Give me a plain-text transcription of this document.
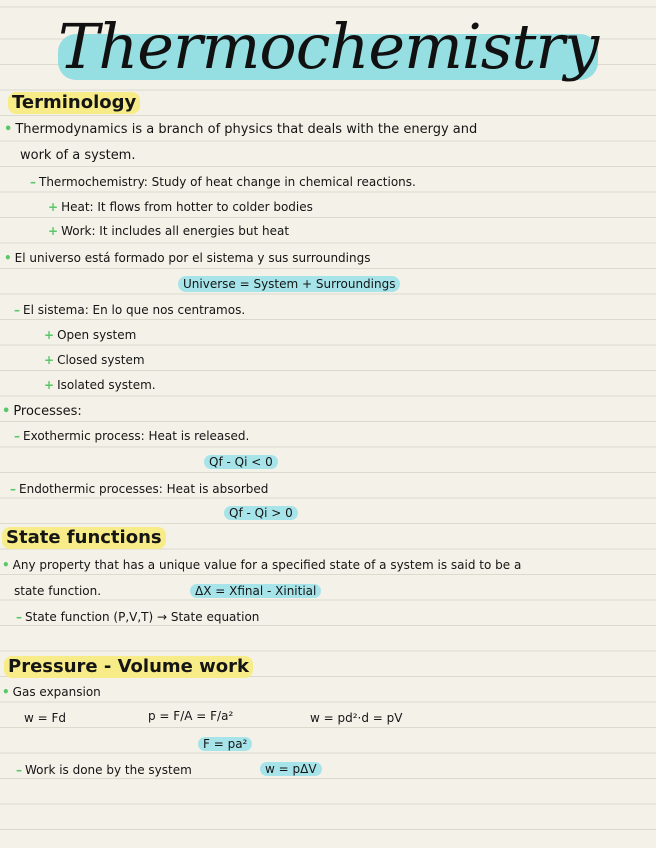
Thermochemistry
Terminology
• Thermodynamics is a branch of physics that deals with the energy and
work of a system.
– Thermochemistry: Study of heat change in chemical reactions.
+ Heat: It flows from hotter to colder bodies
+ Work: It includes all energies but heat
• El universo está formado por el sistema y sus surroundings
Universe = System + Surroundings
– El sistema: En lo que nos centramos.
+ Open system
+ Closed system
+ Isolated system.
• Processes:
– Exothermic process: Heat is released.
Qf - Qi < 0
– Endothermic processes: Heat is absorbed
Qf - Qi > 0
State functions
• Any property that has a unique value for a specified state of a system is said to be a
state function.	ΔX = Xfinal - Xinitial
– State function (P,V,T) → State equation
Pressure - Volume work
• Gas expansion
w = Fd	p = F/A = F/a²	w = pd²·d = pV
F = pa²
– Work is done by the system	w = pΔV
